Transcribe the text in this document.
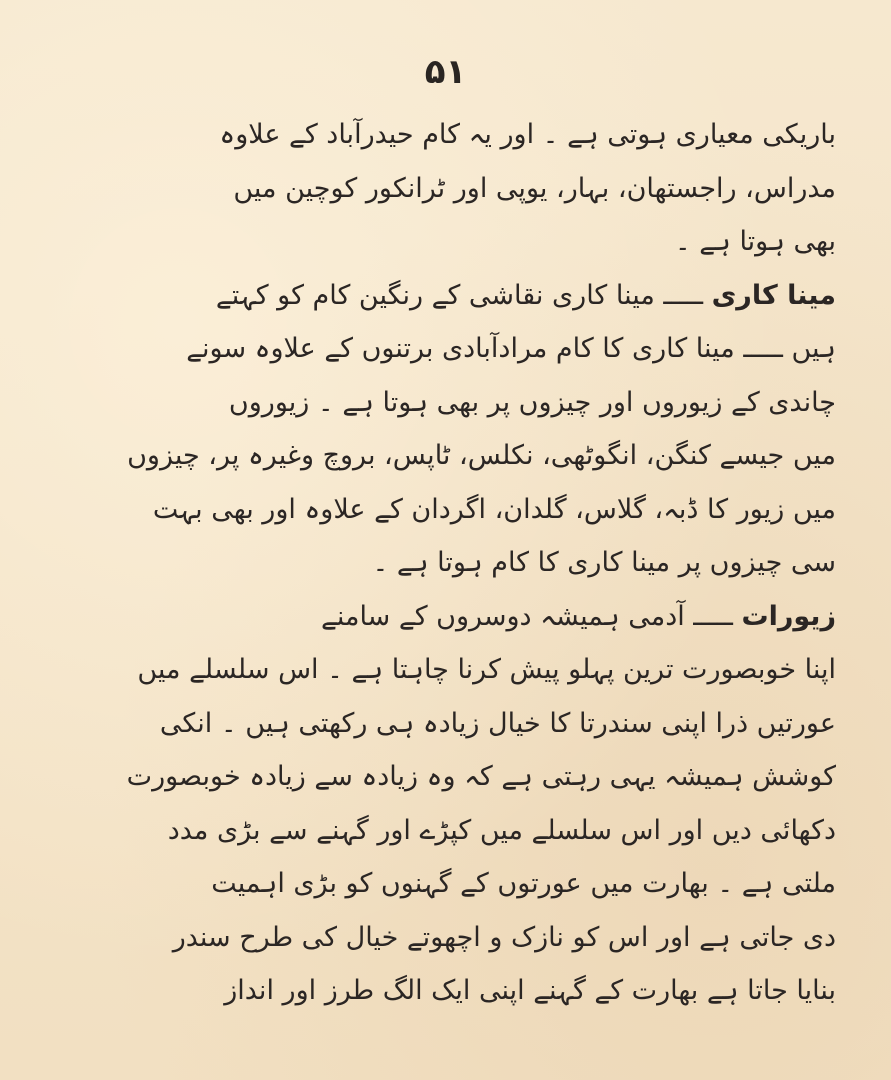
۵۱
باریکی معیاری ہوتی ہے ۔ اور یہ کام حیدرآباد کے علاوہ
مدراس، راجستھان، بہار، یوپی اور ٹرانکور کوچین میں
بھی ہوتا ہے ۔
مینا کاری ـــــ مینا کاری نقاشی کے رنگین کام کو کہتے
ہیں ـــــ مینا کاری کا کام مرادآبادی برتنوں کے علاوہ سونے
چاندی کے زیوروں اور چیزوں پر بھی ہوتا ہے ۔ زیوروں
میں جیسے کنگن، انگوٹھی، نکلس، ٹاپس، بروچ وغیرہ پر، چیزوں
میں زیور کا ڈبہ، گلاس، گلدان، اگردان کے علاوہ اور بھی بہت
سی چیزوں پر مینا کاری کا کام ہوتا ہے ۔
زیورات ـــــ آدمی ہمیشہ دوسروں کے سامنے
اپنا خوبصورت ترین پہلو پیش کرنا چاہتا ہے ۔ اس سلسلے میں
عورتیں ذرا اپنی سندرتا کا خیال زیادہ ہی رکھتی ہیں ۔ انکی
کوشش ہمیشہ یہی رہتی ہے کہ وہ زیادہ سے زیادہ خوبصورت
دکھائی دیں اور اس سلسلے میں کپڑے اور گہنے سے بڑی مدد
ملتی ہے ۔ بھارت میں عورتوں کے گہنوں کو بڑی اہمیت
دی جاتی ہے اور اس کو نازک و اچھوتے خیال کی طرح سندر
بنایا جاتا ہے بھارت کے گہنے اپنی ایک الگ طرز اور انداز
